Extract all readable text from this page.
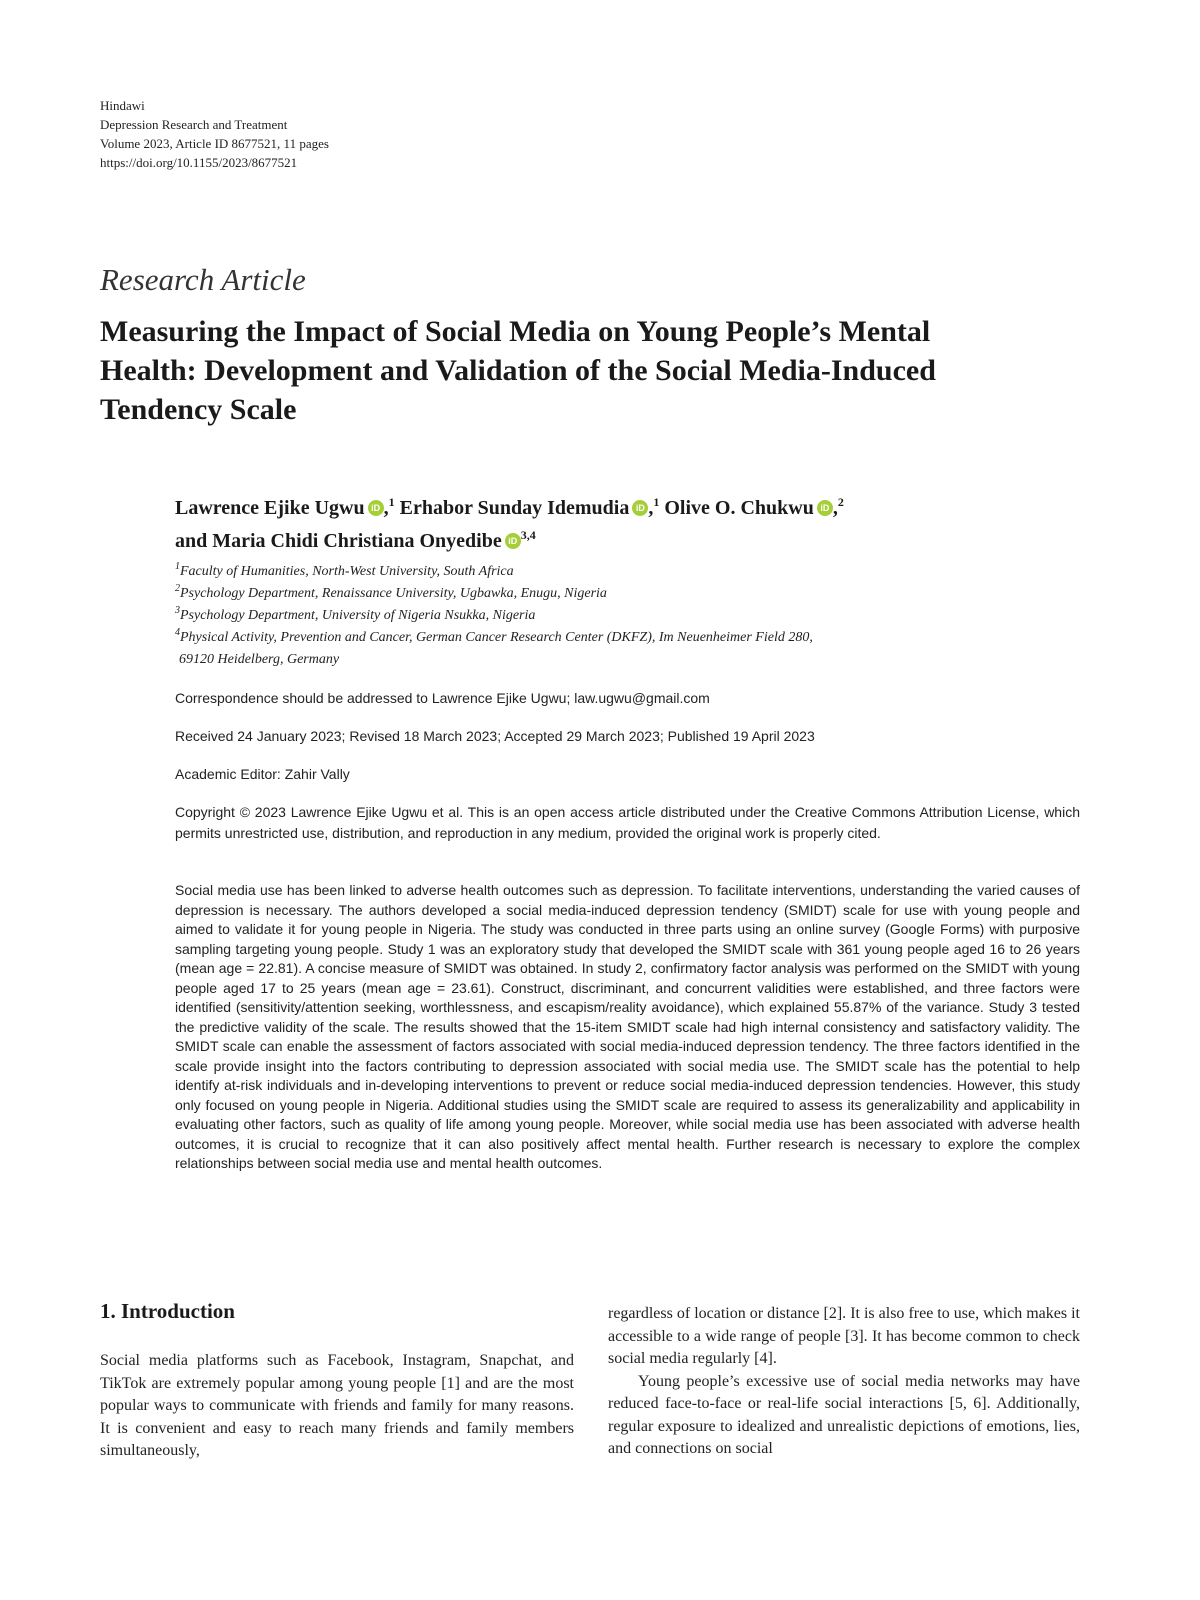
Hindawi
Depression Research and Treatment
Volume 2023, Article ID 8677521, 11 pages
https://doi.org/10.1155/2023/8677521
Research Article
Measuring the Impact of Social Media on Young People’s Mental
Health: Development and Validation of the Social Media-Induced
Tendency Scale
Lawrence Ejike Ugwu iD ,$^1$ Erhabor Sunday Idemudia iD ,$^1$ Olive O. Chukwu iD ,$^2$
and Maria Chidi Christiana Onyedibe iD $^{3,4}$
$^1$Faculty of Humanities, North-West University, South Africa
$^2$Psychology Department, Renaissance University, Ugbawka, Enugu, Nigeria
$^3$Psychology Department, University of Nigeria Nsukka, Nigeria
$^4$Physical Activity, Prevention and Cancer, German Cancer Research Center (DKFZ), Im Neuenheimer Field 280,
69120 Heidelberg, Germany
Correspondence should be addressed to Lawrence Ejike Ugwu; law.ugwu@gmail.com
Received 24 January 2023; Revised 18 March 2023; Accepted 29 March 2023; Published 19 April 2023
Academic Editor: Zahir Vally
Copyright © 2023 Lawrence Ejike Ugwu et al. This is an open access article distributed under the Creative Commons Attribution License, which permits unrestricted use, distribution, and reproduction in any medium, provided the original work is properly cited.
Social media use has been linked to adverse health outcomes such as depression. To facilitate interventions, understanding the varied causes of depression is necessary. The authors developed a social media-induced depression tendency (SMIDT) scale for use with young people and aimed to validate it for young people in Nigeria. The study was conducted in three parts using an online survey (Google Forms) with purposive sampling targeting young people. Study 1 was an exploratory study that developed the SMIDT scale with 361 young people aged 16 to 26 years (mean age = 22.81). A concise measure of SMIDT was obtained. In study 2, confirmatory factor analysis was performed on the SMIDT with young people aged 17 to 25 years (mean age = 23.61). Construct, discriminant, and concurrent validities were established, and three factors were identified (sensitivity/attention seeking, worthlessness, and escapism/reality avoidance), which explained 55.87% of the variance. Study 3 tested the predictive validity of the scale. The results showed that the 15-item SMIDT scale had high internal consistency and satisfactory validity. The SMIDT scale can enable the assessment of factors associated with social media-induced depression tendency. The three factors identified in the scale provide insight into the factors contributing to depression associated with social media use. The SMIDT scale has the potential to help identify at-risk individuals and in-developing interventions to prevent or reduce social media-induced depression tendencies. However, this study only focused on young people in Nigeria. Additional studies using the SMIDT scale are required to assess its generalizability and applicability in evaluating other factors, such as quality of life among young people. Moreover, while social media use has been associated with adverse health outcomes, it is crucial to recognize that it can also positively affect mental health. Further research is necessary to explore the complex relationships between social media use and mental health outcomes.
1. Introduction

Social media platforms such as Facebook, Instagram, Snapchat, and TikTok are extremely popular among young people [1] and are the most popular ways to communicate with friends and family for many reasons. It is convenient and easy to reach many friends and family members simultaneously,

regardless of location or distance [2]. It is also free to use, which makes it accessible to a wide range of people [3]. It has become common to check social media regularly [4].

Young people’s excessive use of social media networks may have reduced face-to-face or real-life social interactions [5, 6]. Additionally, regular exposure to idealized and unrealistic depictions of emotions, lies, and connections on social
